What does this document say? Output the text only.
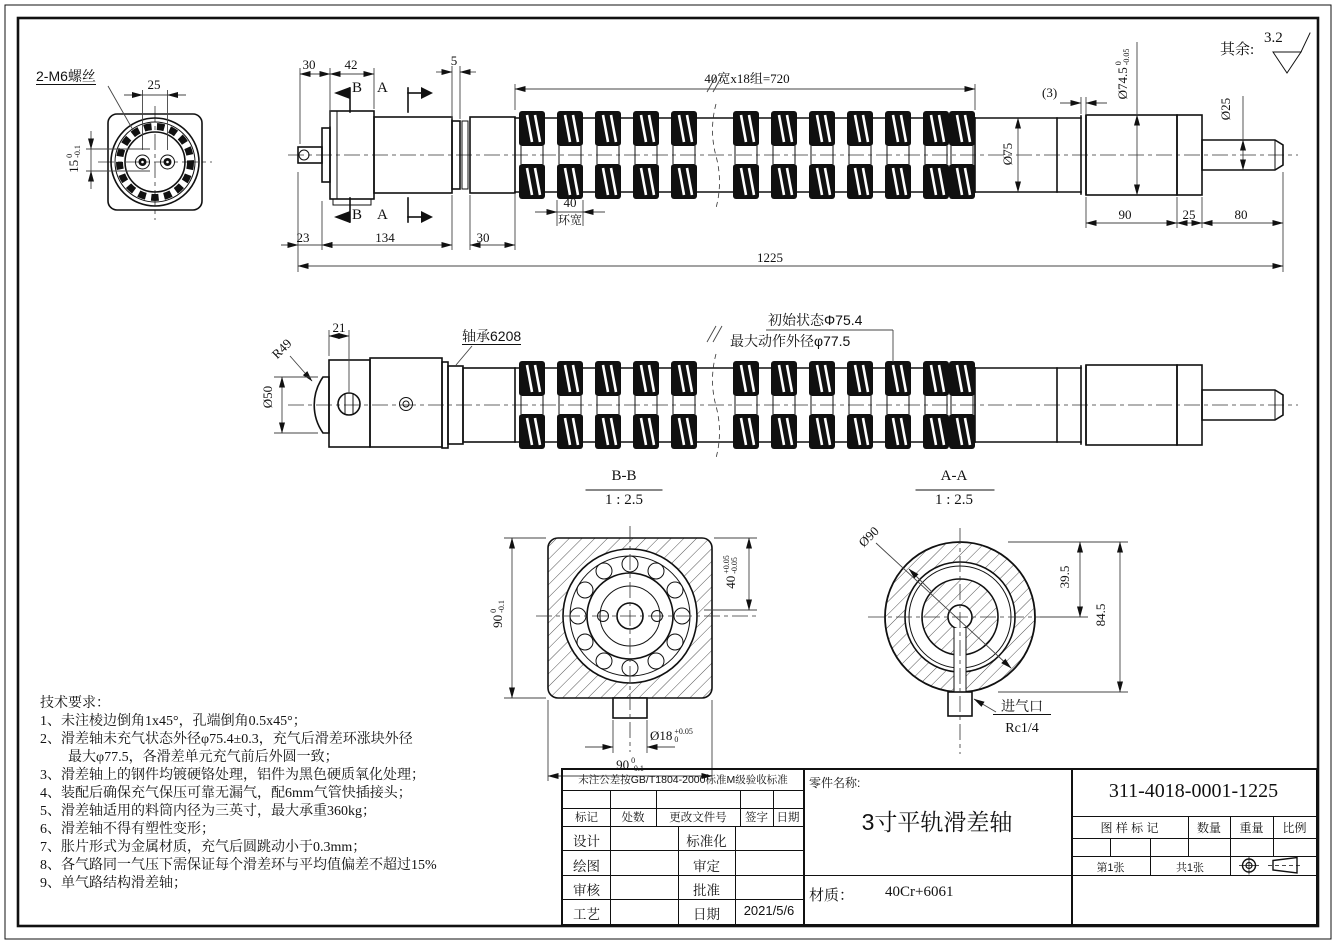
其余:
3.2
2-M6螺丝
25
15
0 -0.1
30	42	5
40宽x18组=720
B A
B A
(3)	Ø74.5
0 -0.05
Ø75
Ø25
23	134	30
40
环宽	90	25	80
1225
21
R49
Ø50
轴承6208
初始状态Φ75.4
最大动作外径φ77.5
B-B
1 : 2.5
A-A
1 : 2.5
90
0 -0.1
40
+0.05 -0.05
Ø18 +0.05
0
90 0
-0.1
Ø90
39.5
84.5
进气口
Rc1/4
技术要求：
1、未注棱边倒角1x45°，孔端倒角0.5x45°；
2、滑差轴未充气状态外径φ75.4±0.3，充气后滑差环涨块外径
　　最大φ77.5，各滑差单元充气前后外圆一致；
3、滑差轴上的钢件均镀硬铬处理，铝件为黑色硬质氧化处理；
4、装配后确保充气保压可靠无漏气，配6mm气管快插接头；
5、滑差轴适用的料筒内径为三英寸，最大承重360kg；
6、滑差轴不得有塑性变形；
7、胀片形式为金属材质，充气后圆跳动小于0.3mm；
8、各气路同一气压下需保证每个滑差环与平均值偏差不超过15%
9、单气路结构滑差轴；
未注公差按GB/T1804-2000标准M级验收标准
标记	处数	更改文件号	签字 日期
设计	标准化
绘图	审定
审核	批准
工艺	日期	2021/5/6
零件名称:
3寸平轨滑差轴
材质：	40Cr+6061
311-4018-0001-1225
图 样 标 记	数量	重量	比例
第1张	共1张
